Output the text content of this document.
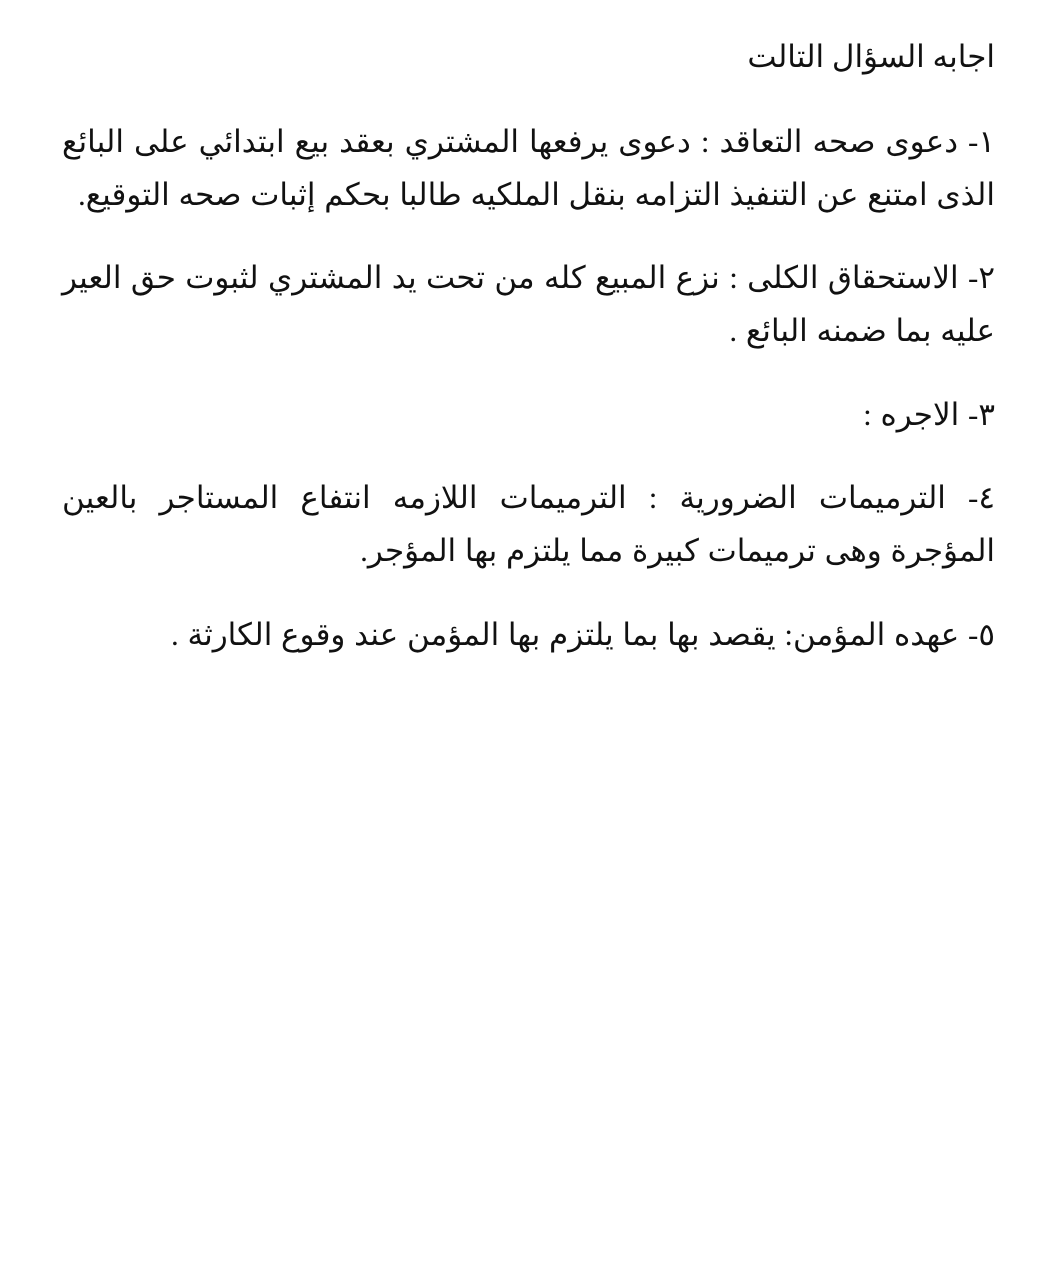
اجابه السؤال التالت

١- دعوى صحه التعاقد : دعوى يرفعها المشتري بعقد بيع ابتدائي على البائع الذى امتنع عن التنفيذ التزامه بنقل الملكيه طالبا بحكم إثبات صحه التوقيع.

٢- الاستحقاق الكلى : نزع المبيع كله من تحت يد المشتري لثبوت حق العير عليه بما ضمنه البائع .

٣- الاجره :

٤- الترميمات الضرورية : الترميمات اللازمه انتفاع المستاجر بالعين المؤجرة وهى ترميمات كبيرة مما يلتزم بها المؤجر.

٥- عهده المؤمن: يقصد بها بما يلتزم بها المؤمن عند وقوع الكارثة .
